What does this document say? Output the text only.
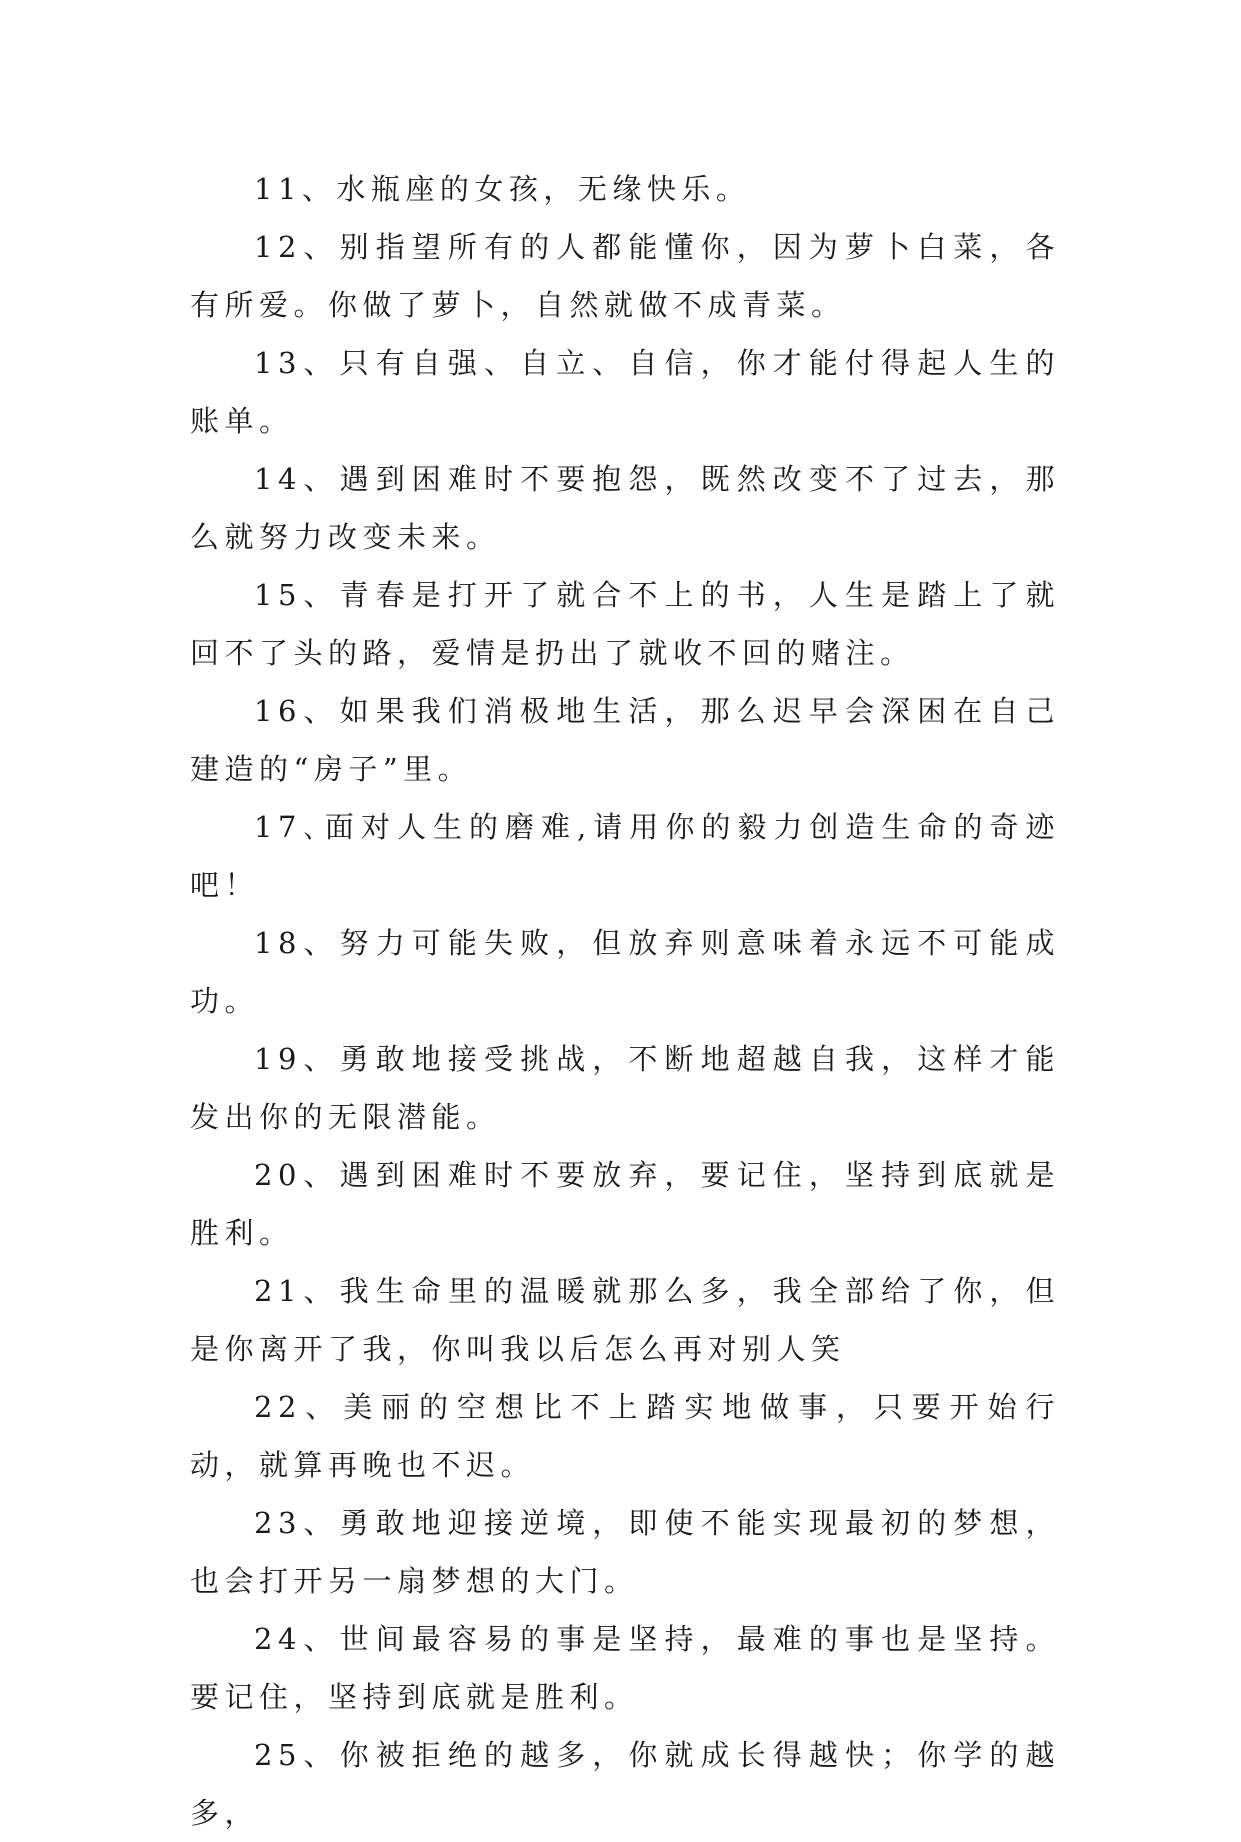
11、水瓶座的女孩，无缘快乐。

12、别指望所有的人都能懂你，因为萝卜白菜，各有所爱。你做了萝卜，自然就做不成青菜。

13、只有自强、自立、自信，你才能付得起人生的账单。

14、遇到困难时不要抱怨，既然改变不了过去，那么就努力改变未来。

15、青春是打开了就合不上的书，人生是踏上了就回不了头的路，爱情是扔出了就收不回的赌注。

16、如果我们消极地生活，那么迟早会深困在自己建造的“房子”里。

17､面对人生的磨难,请用你的毅力创造生命的奇迹吧！

18、努力可能失败，但放弃则意味着永远不可能成功。

19、勇敢地接受挑战，不断地超越自我，这样才能发出你的无限潜能。

20、遇到困难时不要放弃，要记住，坚持到底就是胜利。

21、我生命里的温暖就那么多，我全部给了你，但是你离开了我，你叫我以后怎么再对别人笑

22、美丽的空想比不上踏实地做事，只要开始行动，就算再晚也不迟。

23、勇敢地迎接逆境，即使不能实现最初的梦想，也会打开另一扇梦想的大门。

24、世间最容易的事是坚持，最难的事也是坚持。要记住，坚持到底就是胜利。

25、你被拒绝的越多，你就成长得越快；你学的越多，
